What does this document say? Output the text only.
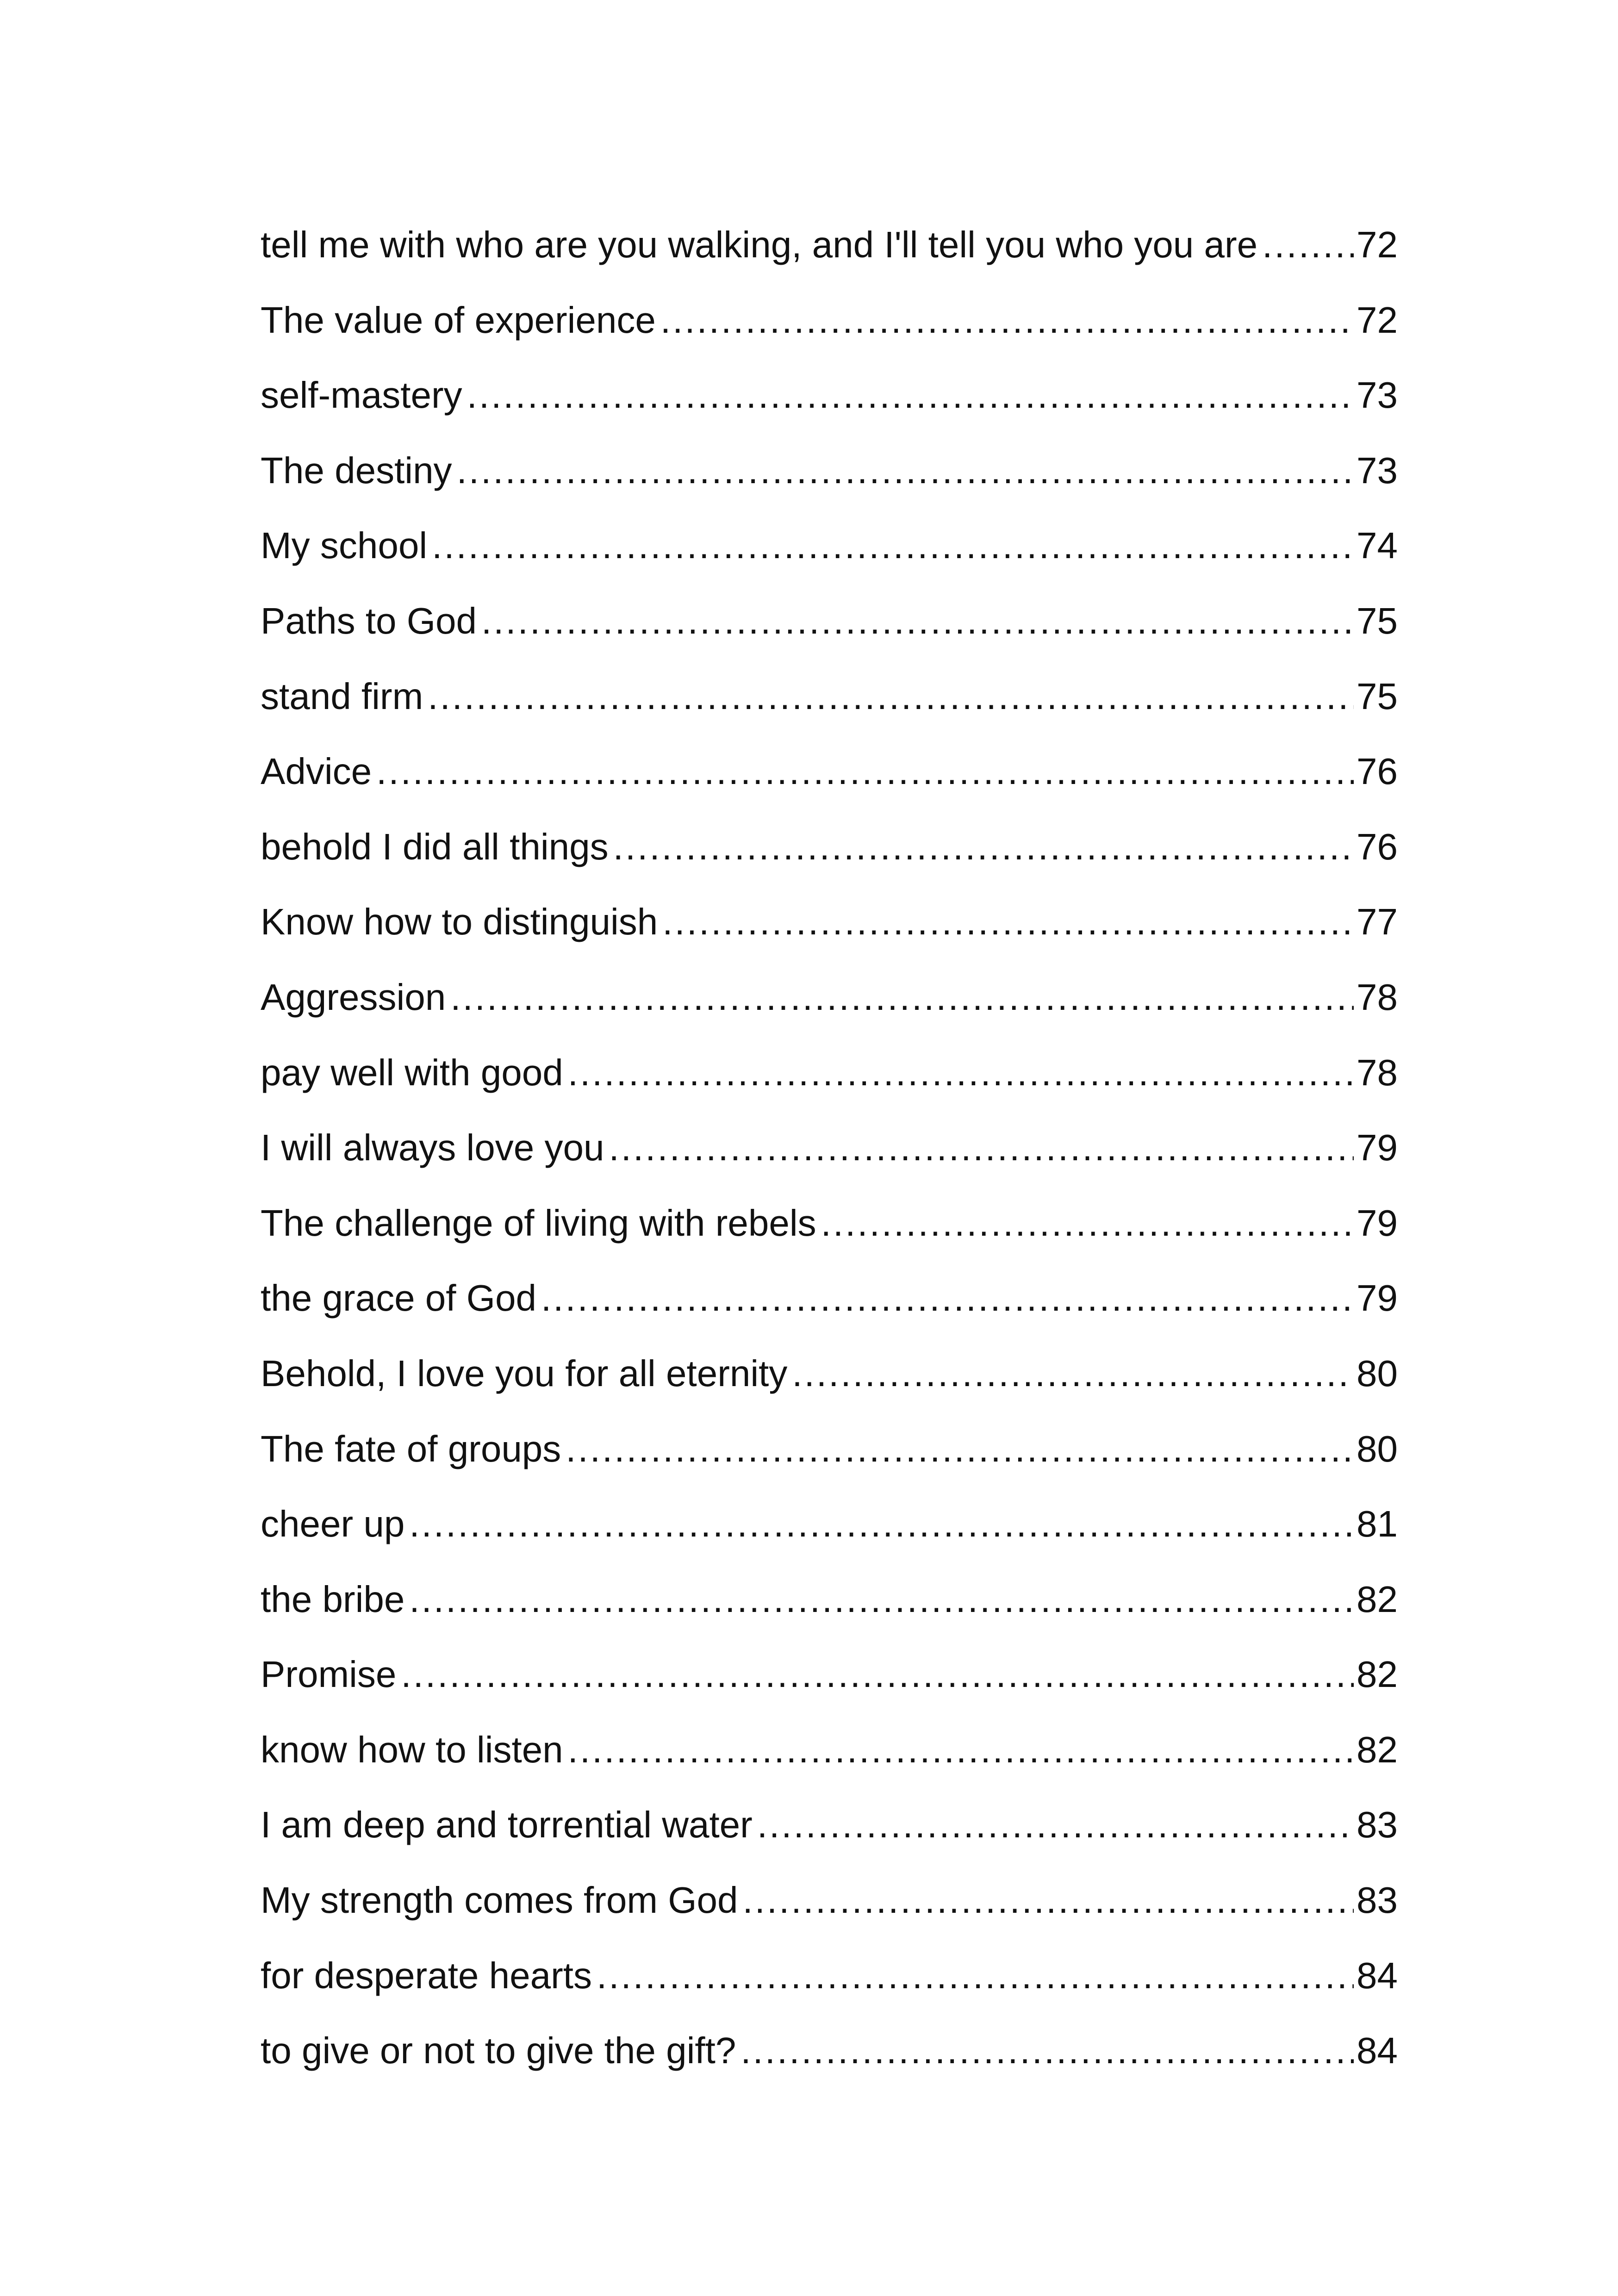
tell me with who are you walking, and I'll tell you who you are .....	72
The value of experience .....	72
self-mastery .....	73
The destiny .....	73
My school .....	74
Paths to God .....	75
stand firm .....	75
Advice .....	76
behold I did all things .....	76
Know how to distinguish .....	77
Aggression .....	78
pay well with good .....	78
I will always love you .....	79
The challenge of living with rebels .....	79
the grace of God .....	79
Behold, I love you for all eternity .....	80
The fate of groups .....	80
cheer up .....	81
the bribe .....	82
Promise .....	82
know how to listen .....	82
I am deep and torrential water .....	83
My strength comes from God .....	83
for desperate hearts .....	84
to give or not to give the gift? .....	84
